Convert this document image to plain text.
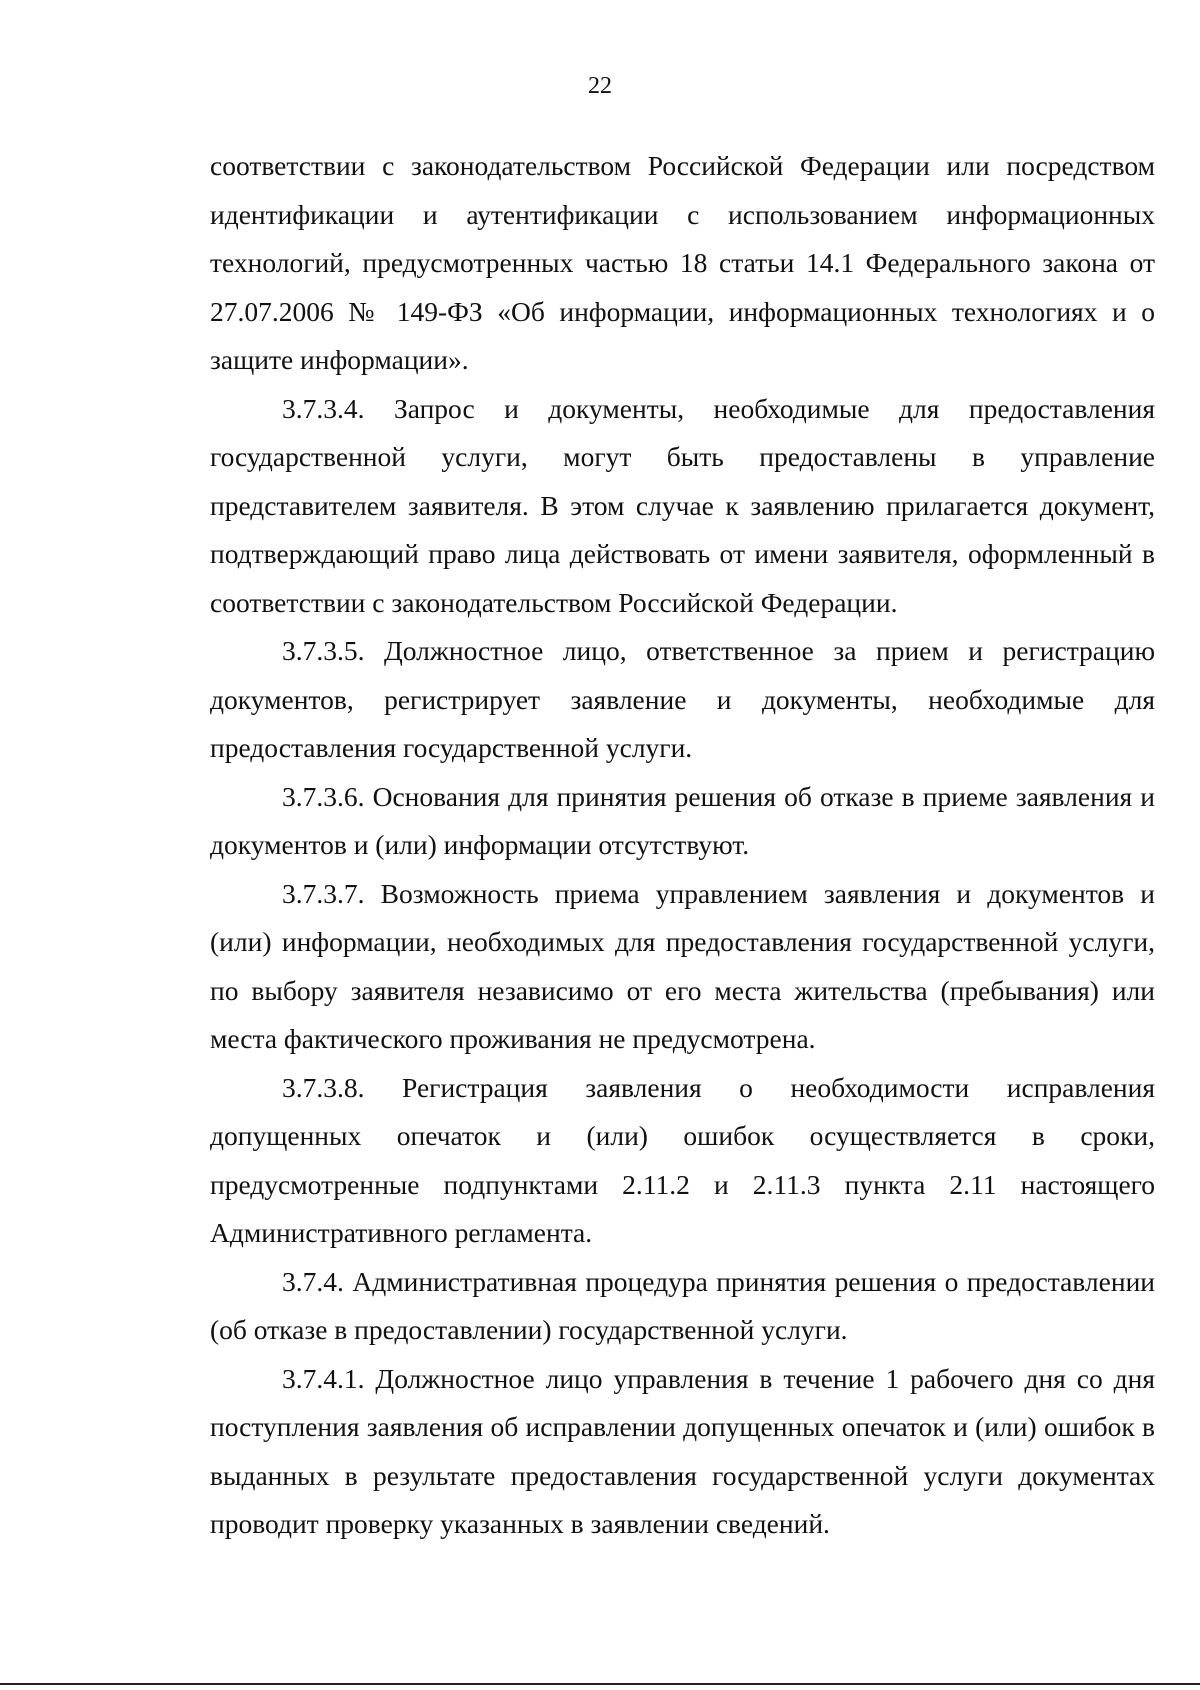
22

соответствии с законодательством Российской Федерации или посредством идентификации и аутентификации с использованием информационных технологий, предусмотренных частью 18 статьи 14.1 Федерального закона от 27.07.2006 № 149-ФЗ «Об информации, информационных технологиях и о защите информации».

3.7.3.4. Запрос и документы, необходимые для предоставления государственной услуги, могут быть предоставлены в управление представителем заявителя. В этом случае к заявлению прилагается документ, подтверждающий право лица действовать от имени заявителя, оформленный в соответствии с законодательством Российской Федерации.

3.7.3.5. Должностное лицо, ответственное за прием и регистрацию документов, регистрирует заявление и документы, необходимые для предоставления государственной услуги.

3.7.3.6. Основания для принятия решения об отказе в приеме заявления и документов и (или) информации отсутствуют.

3.7.3.7. Возможность приема управлением заявления и документов и (или) информации, необходимых для предоставления государственной услуги, по выбору заявителя независимо от его места жительства (пребывания) или места фактического проживания не предусмотрена.

3.7.3.8. Регистрация заявления о необходимости исправления допущенных опечаток и (или) ошибок осуществляется в сроки, предусмотренные подпунктами 2.11.2 и 2.11.3 пункта 2.11 настоящего Административного регламента.

3.7.4. Административная процедура принятия решения о предоставлении (об отказе в предоставлении) государственной услуги.

3.7.4.1. Должностное лицо управления в течение 1 рабочего дня со дня поступления заявления об исправлении допущенных опечаток и (или) ошибок в выданных в результате предоставления государственной услуги документах проводит проверку указанных в заявлении сведений.
